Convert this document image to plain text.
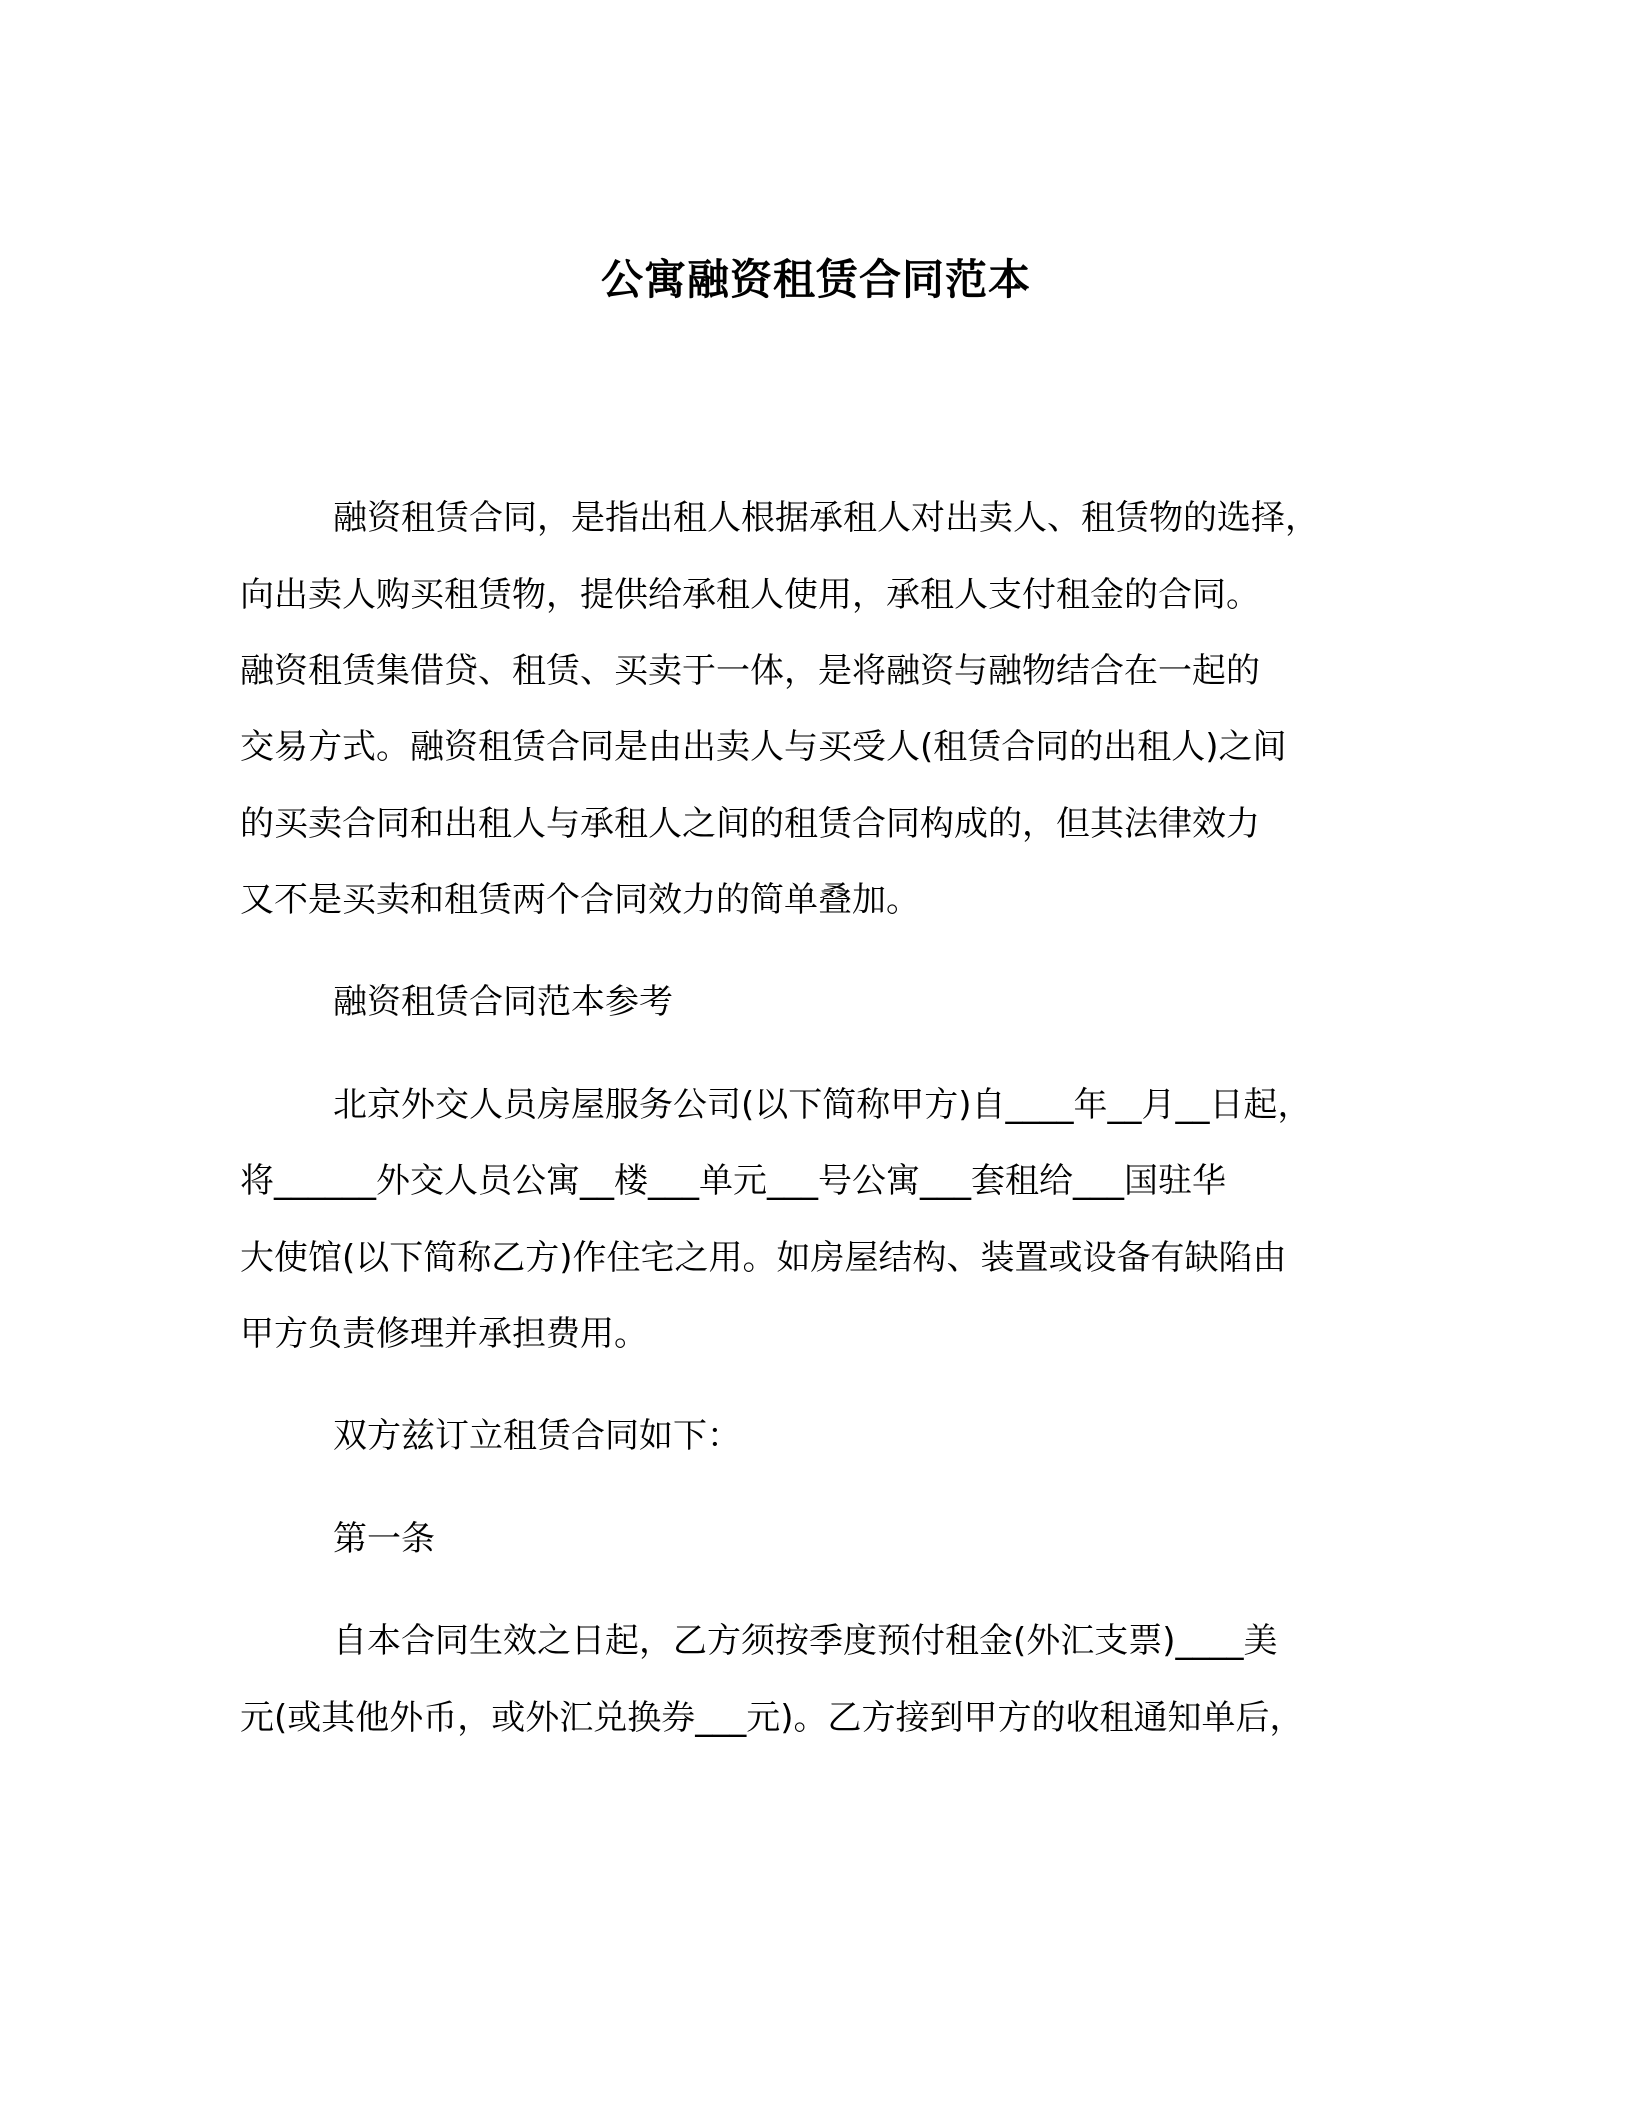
公寓融资租赁合同范本

融资租赁合同，是指出租人根据承租人对出卖人、租赁物的选择，

向出卖人购买租赁物，提供给承租人使用，承租人支付租金的合同。

融资租赁集借贷、租赁、买卖于一体，是将融资与融物结合在一起的

交易方式。融资租赁合同是由出卖人与买受人(租赁合同的出租人)之间

的买卖合同和出租人与承租人之间的租赁合同构成的，但其法律效力

又不是买卖和租赁两个合同效力的简单叠加。

融资租赁合同范本参考

北京外交人员房屋服务公司(以下简称甲方)自____年__月__日起，

将______外交人员公寓__楼___单元___号公寓___套租给___国驻华

大使馆(以下简称乙方)作住宅之用。如房屋结构、装置或设备有缺陷由

甲方负责修理并承担费用。

双方兹订立租赁合同如下：

第一条

自本合同生效之日起，乙方须按季度预付租金(外汇支票)____美

元(或其他外币，或外汇兑换券___元)。乙方接到甲方的收租通知单后，
